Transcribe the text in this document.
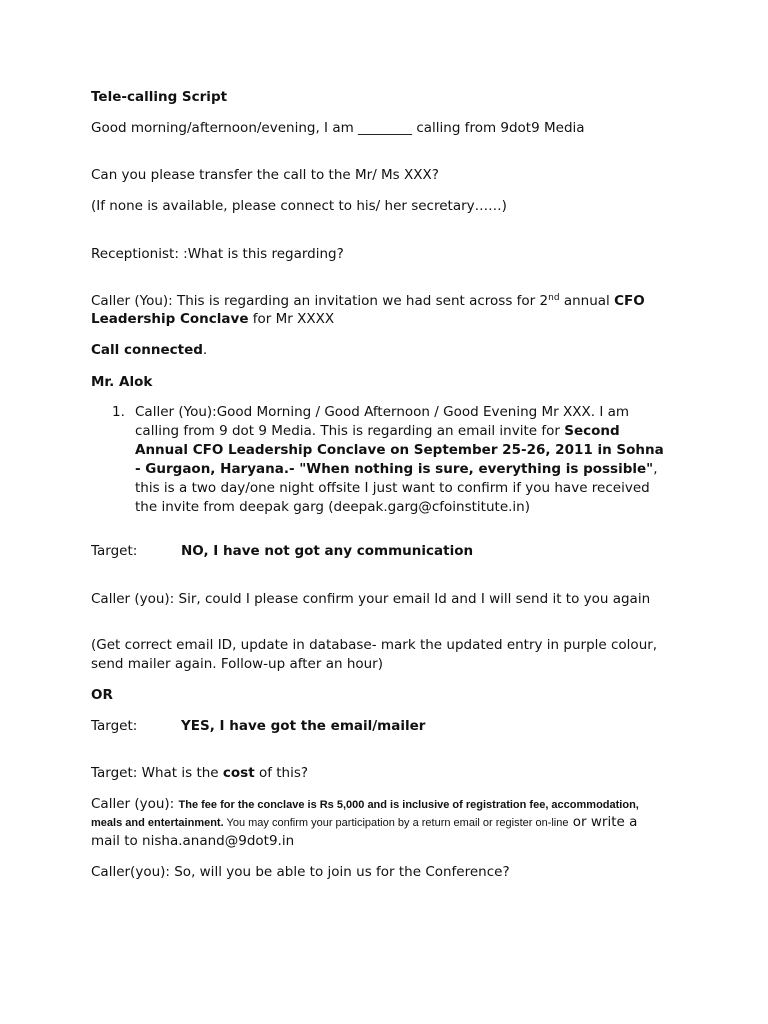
Tele-calling Script
Good morning/afternoon/evening, I am ________ calling from 9dot9 Media
Can you please transfer the call to the Mr/ Ms XXX?
(If none is available, please connect to his/ her secretary……)
Receptionist: :What is this regarding?
Caller (You): This is regarding an invitation we had sent across for 2nd annual CFO
Leadership Conclave for Mr XXXX
Call connected.
Mr. Alok
1. Caller (You):Good Morning / Good Afternoon / Good Evening Mr XXX. I am
calling from 9 dot 9 Media. This is regarding an email invite for Second
Annual CFO Leadership Conclave on September 25-26, 2011 in Sohna
- Gurgaon, Haryana.- "When nothing is sure, everything is possible",
this is a two day/one night offsite I just want to confirm if you have received
the invite from deepak garg (deepak.garg@cfoinstitute.in)
Target:	NO, I have not got any communication
Caller (you): Sir, could I please confirm your email Id and I will send it to you again
(Get correct email ID, update in database- mark the updated entry in purple colour,
send mailer again. Follow-up after an hour)
OR
Target:	YES, I have got the email/mailer
Target: What is the cost of this?
Caller (you): The fee for the conclave is Rs 5,000 and is inclusive of registration fee, accommodation,
meals and entertainment. You may confirm your participation by a return email or register on-line or write a
mail to nisha.anand@9dot9.in
Caller(you): So, will you be able to join us for the Conference?
